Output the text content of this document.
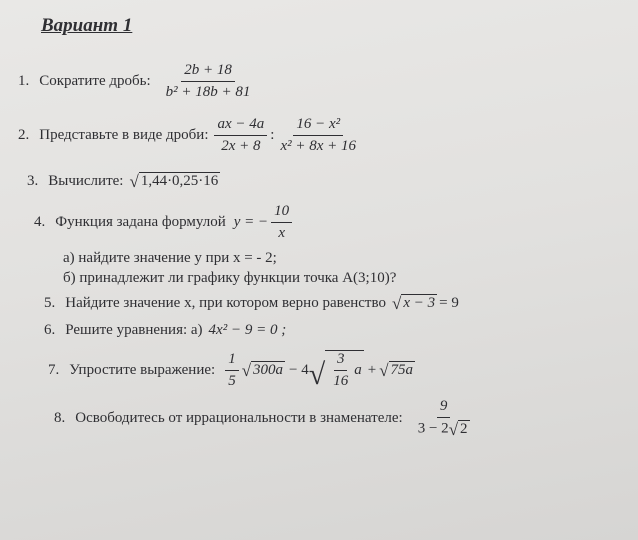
Вариант 1
1. Сократите дробь: $\frac{2b + 18}{\text{b² + 18b + 81}}$
2. Представьте в виде дроби: $\frac{ax - 4a}{2x + 8}$ : $\frac{\text{16 − x²}}{\text{x² + 8x + 16}}$
3. Вычислите: √ 1,44·0,25·16
4. Функция задана формулой y = − $\frac{10}{x}$
а) найдите значение y при x = - 2;
б) принадлежит ли графику функции точка A(3;10)?
5. Найдите значение x, при котором верно равенство √ x − 3 = 9
6. Решите уравнения: а) 4x² − 9 = 0 ;
7. Упростите выражение: $\frac{1}{5}$ √ 300a − 4 √ $\frac{3}{16}$ a + √ 75a
8. Освободитесь от иррациональности в знаменателе: $\frac{9}{3 - 2 √ 2}$
